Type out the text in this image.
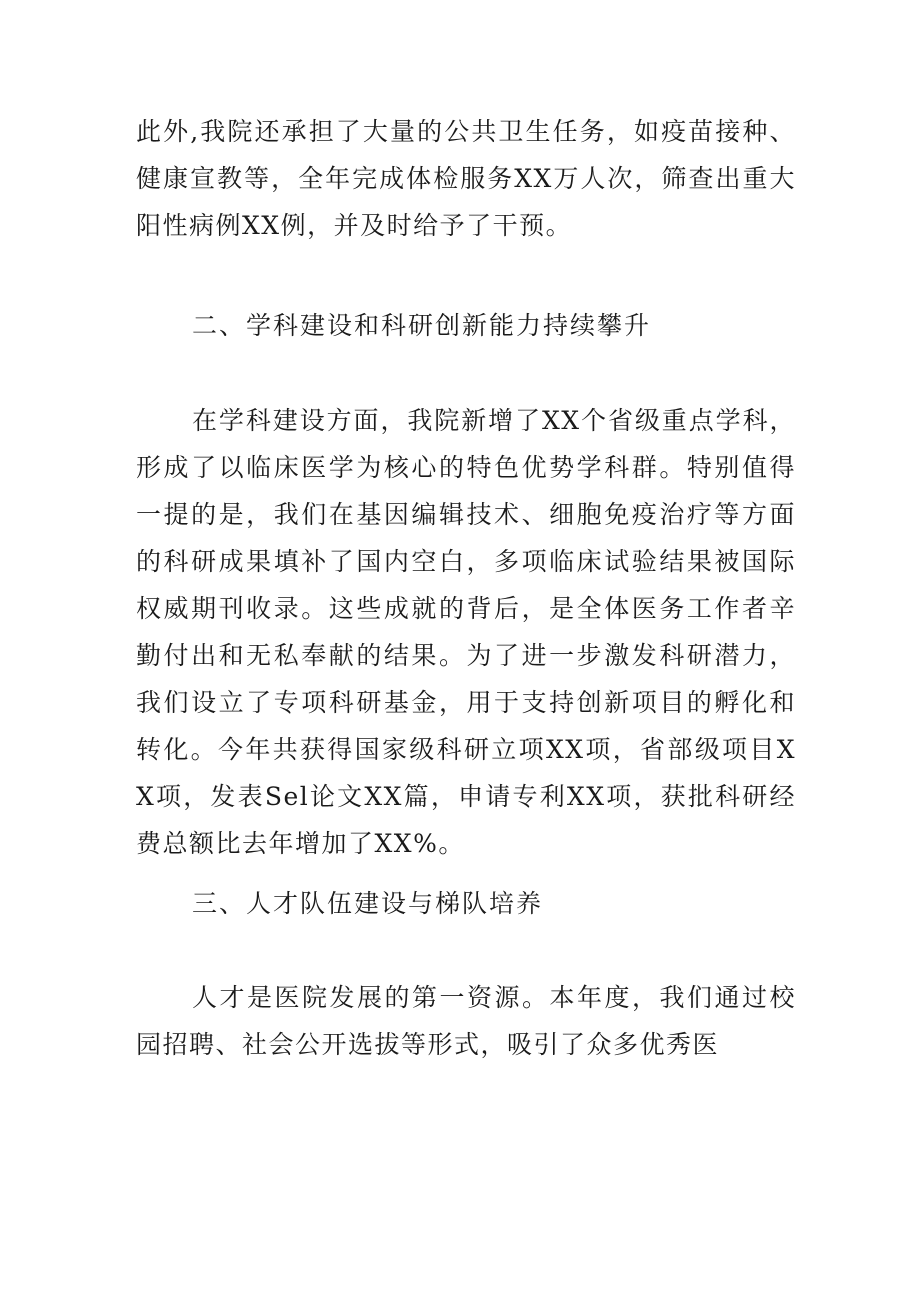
此外,我院还承担了大量的公共卫生任务，如疫苗接种、健康宣教等，全年完成体检服务XX万人次，筛查出重大阳性病例XX例，并及时给予了干预。

二、学科建设和科研创新能力持续攀升

在学科建设方面，我院新增了XX个省级重点学科，形成了以临床医学为核心的特色优势学科群。特别值得一提的是，我们在基因编辑技术、细胞免疫治疗等方面的科研成果填补了国内空白，多项临床试验结果被国际权威期刊收录。这些成就的背后，是全体医务工作者辛勤付出和无私奉献的结果。为了进一步激发科研潜力，我们设立了专项科研基金，用于支持创新项目的孵化和转化。今年共获得国家级科研立项XX项，省部级项目XX项，发表Sel论文XX篇，申请专利XX项，获批科研经费总额比去年增加了XX%。

三、人才队伍建设与梯队培养

人才是医院发展的第一资源。本年度，我们通过校园招聘、社会公开选拔等形式，吸引了众多优秀医
